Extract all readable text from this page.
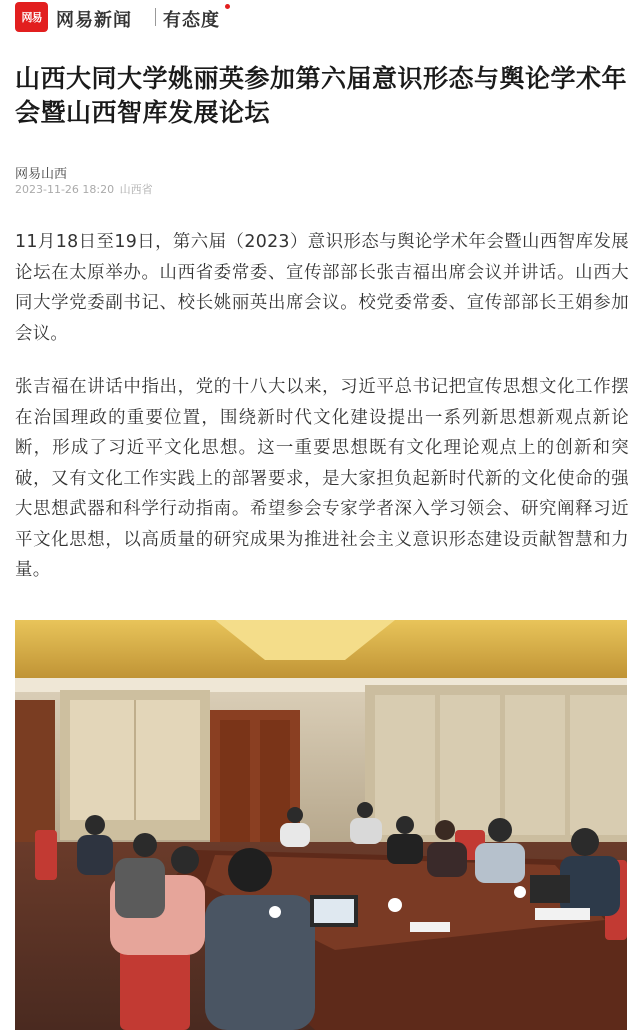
网易 网易新闻 有态度
山西大同大学姚丽英参加第六届意识形态与舆论学术年会暨山西智库发展论坛
网易山西
2023-11-26 18:20 山西省

11月18日至19日，第六届（2023）意识形态与舆论学术年会暨山西智库发展论坛在太原举办。山西省委常委、宣传部部长张吉福出席会议并讲话。山西大同大学党委副书记、校长姚丽英出席会议。校党委常委、宣传部部长王娟参加会议。

张吉福在讲话中指出，党的十八大以来，习近平总书记把宣传思想文化工作摆在治国理政的重要位置，围绕新时代文化建设提出一系列新思想新观点新论断，形成了习近平文化思想。这一重要思想既有文化理论观点上的创新和突破，又有文化工作实践上的部署要求，是大家担负起新时代新的文化使命的强大思想武器和科学行动指南。希望参会专家学者深入学习领会、研究阐释习近平文化思想，以高质量的研究成果为推进社会主义意识形态建设贡献智慧和力量。
